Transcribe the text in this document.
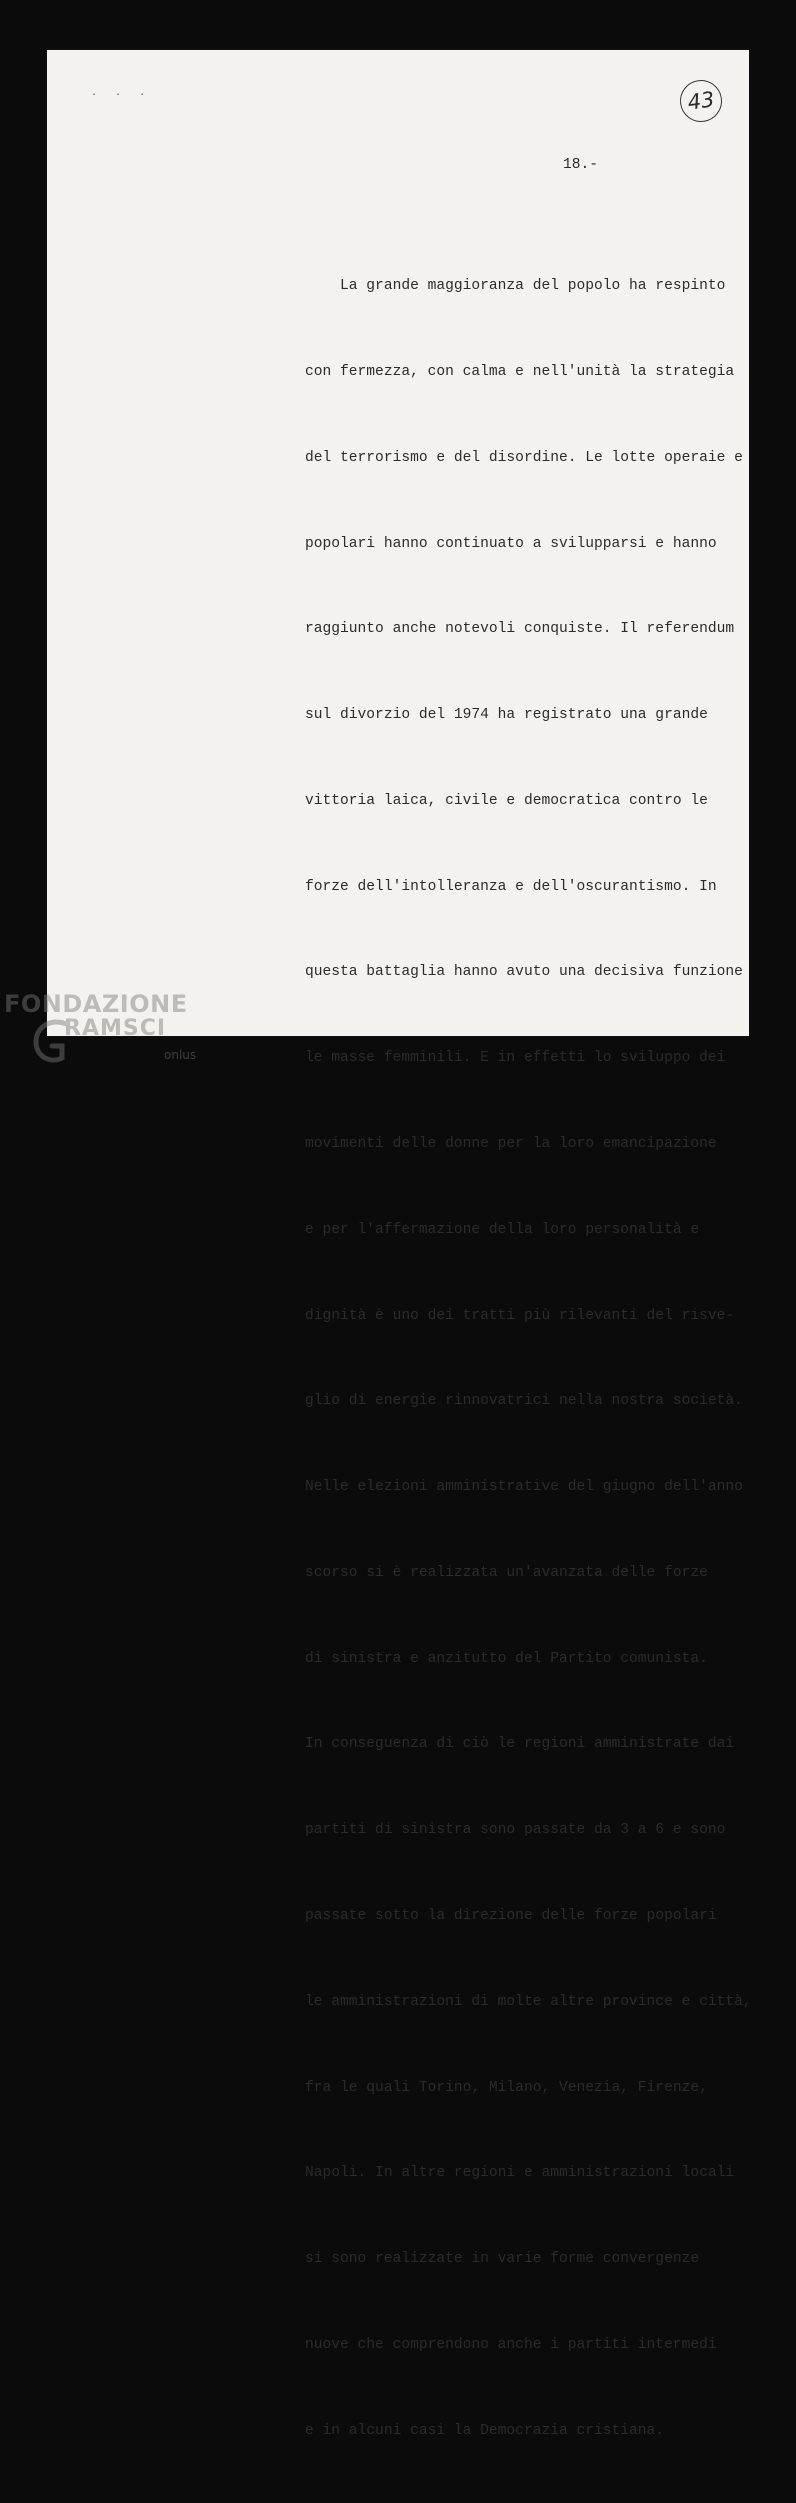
. . .	43
18.-

La grande maggioranza del popolo ha respinto

con fermezza, con calma e nell'unità la strategia

del terrorismo e del disordine. Le lotte operaie e

popolari hanno continuato a svilupparsi e hanno

raggiunto anche notevoli conquiste. Il referendum

sul divorzio del 1974 ha registrato una grande

vittoria laica, civile e democratica contro le

forze dell'intolleranza e dell'oscurantismo. In

questa battaglia hanno avuto una decisiva funzione

le masse femminili. E in effetti lo sviluppo dei

movimenti delle donne per la loro emancipazione

e per l'affermazione della loro personalità e

dignità è uno dei tratti più rilevanti del risve-

glio di energie rinnovatrici nella nostra società.

Nelle elezioni amministrative del giugno dell'anno

scorso si è realizzata un'avanzata delle forze

di sinistra e anzitutto del Partito comunista.

In conseguenza di ciò le regioni amministrate dai

partiti di sinistra sono passate da 3 a 6 e sono

passate sotto la direzione delle forze popolari

le amministrazioni di molte altre province e città,

fra le quali Torino, Milano, Venezia, Firenze,

Napoli. In altre regioni e amministrazioni locali

si sono realizzate in varie forme convergenze

nuove che comprendono anche i partiti intermedi

e in alcuni casi la Democrazia cristiana.

FONDAZIONE
RAMSCI
onlus
